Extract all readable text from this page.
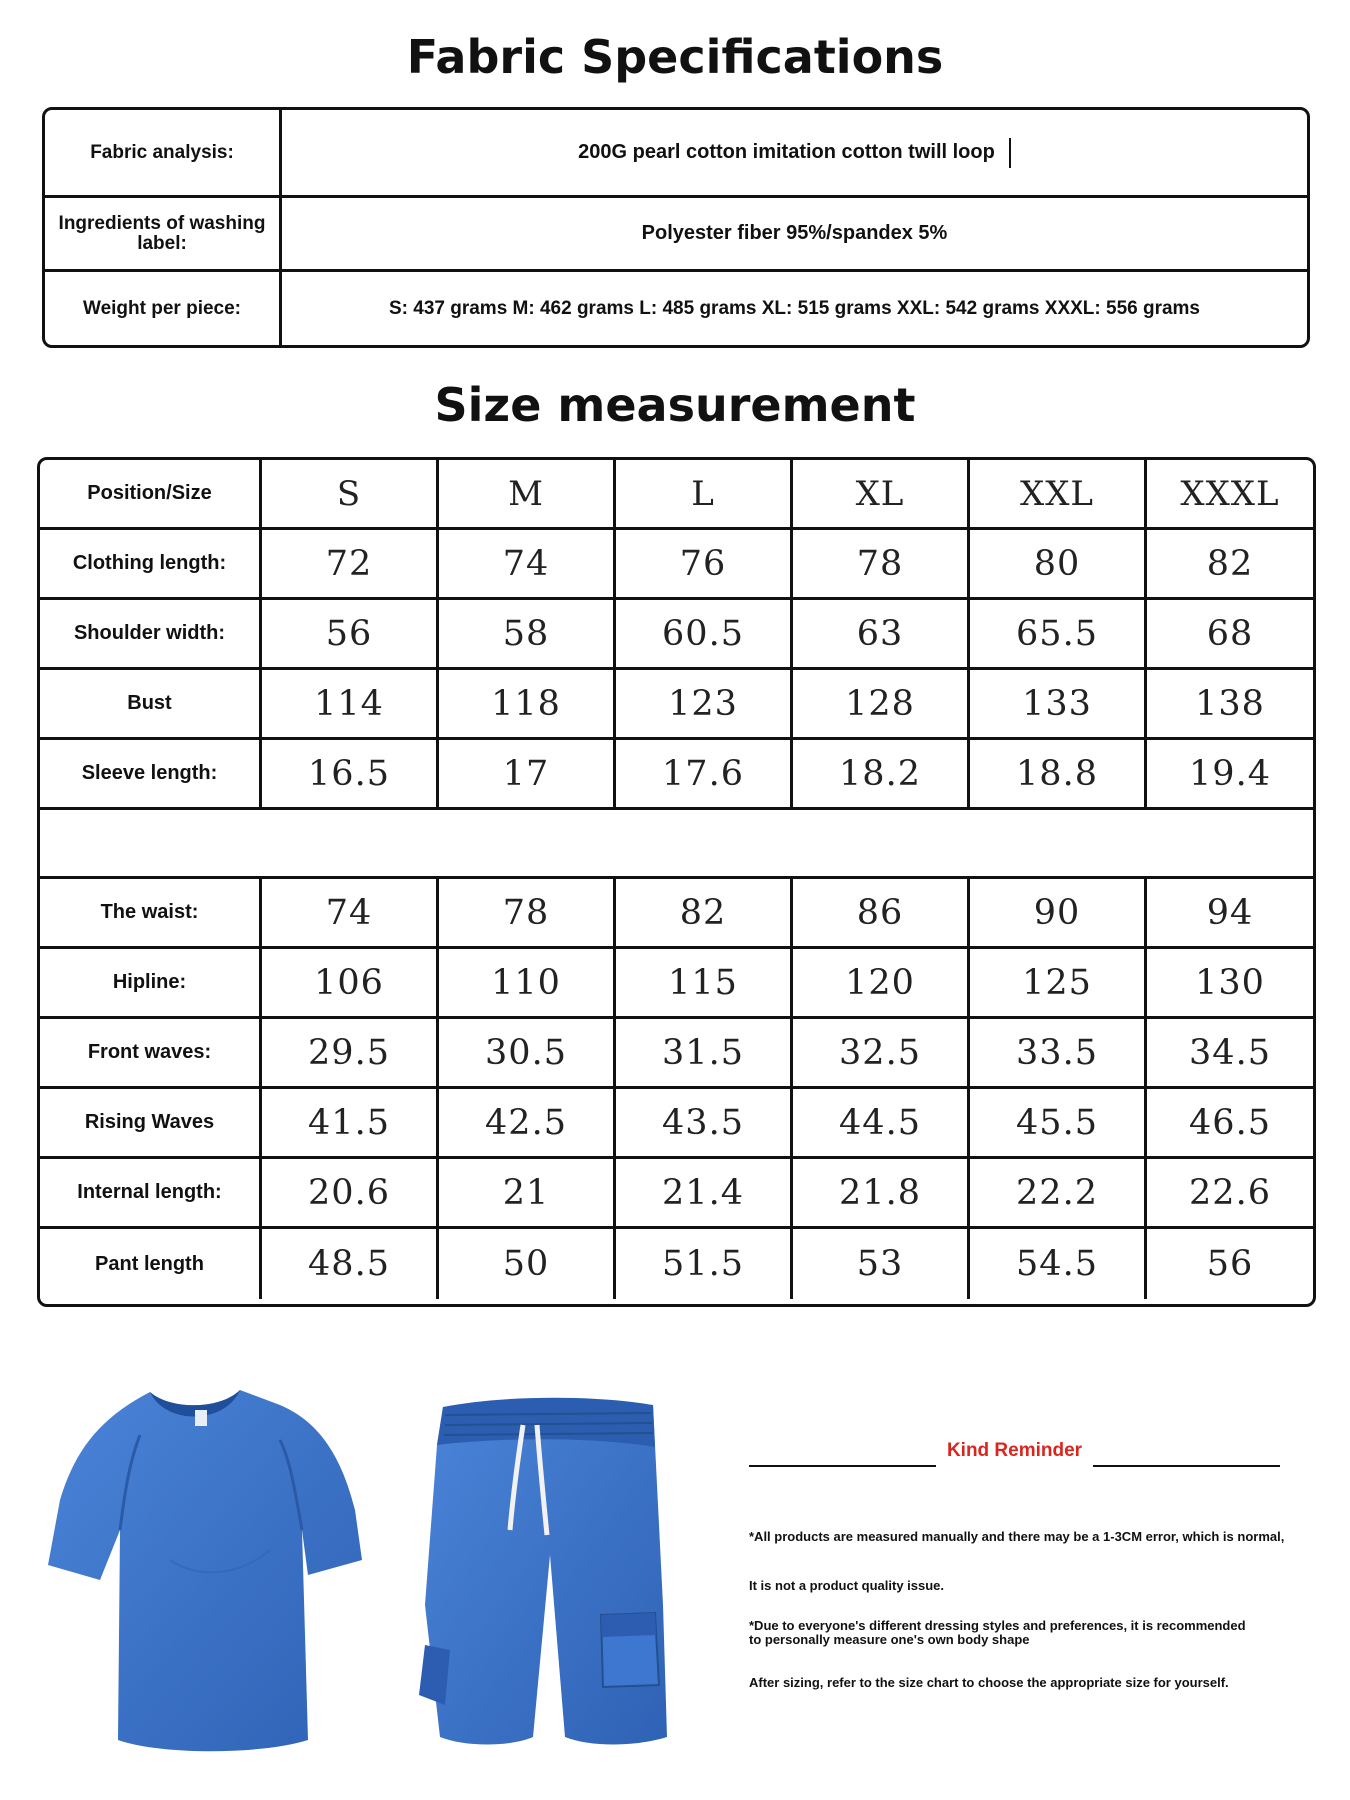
Fabric Specifications
Fabric analysis:	200G pearl cotton imitation cotton twill loop
Ingredients of washing label:	Polyester fiber 95%/spandex 5%
Weight per piece:	S: 437 grams M: 462 grams L: 485 grams XL: 515 grams XXL: 542 grams XXXL: 556 grams
Size measurement
Position/Size	S	M	L	XL	XXL	XXXL
Clothing length:	72	74	76	78	80	82
Shoulder width:	56	58	60.5	63	65.5	68
Bust	114	118	123	128	133	138
Sleeve length:	16.5	17	17.6	18.2	18.8	19.4
The waist:	74	78	82	86	90	94
Hipline:	106	110	115	120	125	130
Front waves:	29.5	30.5	31.5	32.5	33.5	34.5
Rising Waves	41.5	42.5	43.5	44.5	45.5	46.5
Internal length:	20.6	21	21.4	21.8	22.2	22.6
Pant length	48.5	50	51.5	53	54.5	56
Kind Reminder
*All products are measured manually and there may be a 1-3CM error, which is normal,
It is not a product quality issue.
*Due to everyone's different dressing styles and preferences, it is recommended to personally measure one's own body shape
After sizing, refer to the size chart to choose the appropriate size for yourself.
